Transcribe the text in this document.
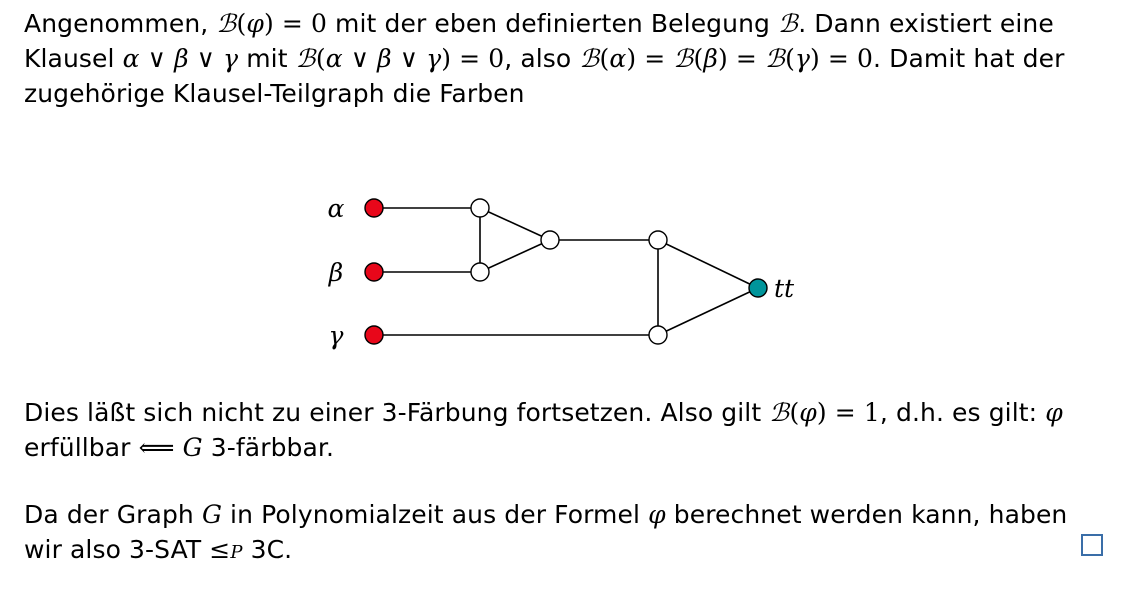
Angenommen, ℬ(φ) = 0 mit der eben definierten Belegung ℬ. Dann existiert eine Klausel α ∨ β ∨ γ mit ℬ(α ∨ β ∨ γ) = 0, also ℬ(α) = ℬ(β) = ℬ(γ) = 0. Damit hat der zugehörige Klausel-Teilgraph die Farben
α
β
γ
tt
Dies läßt sich nicht zu einer 3-Färbung fortsetzen. Also gilt ℬ(φ) = 1, d.h. es gilt: φ erfüllbar ⟸ G 3-färbbar.
Da der Graph G in Polynomialzeit aus der Formel φ berechnet werden kann, haben wir also 3-SAT ≤P 3C.
